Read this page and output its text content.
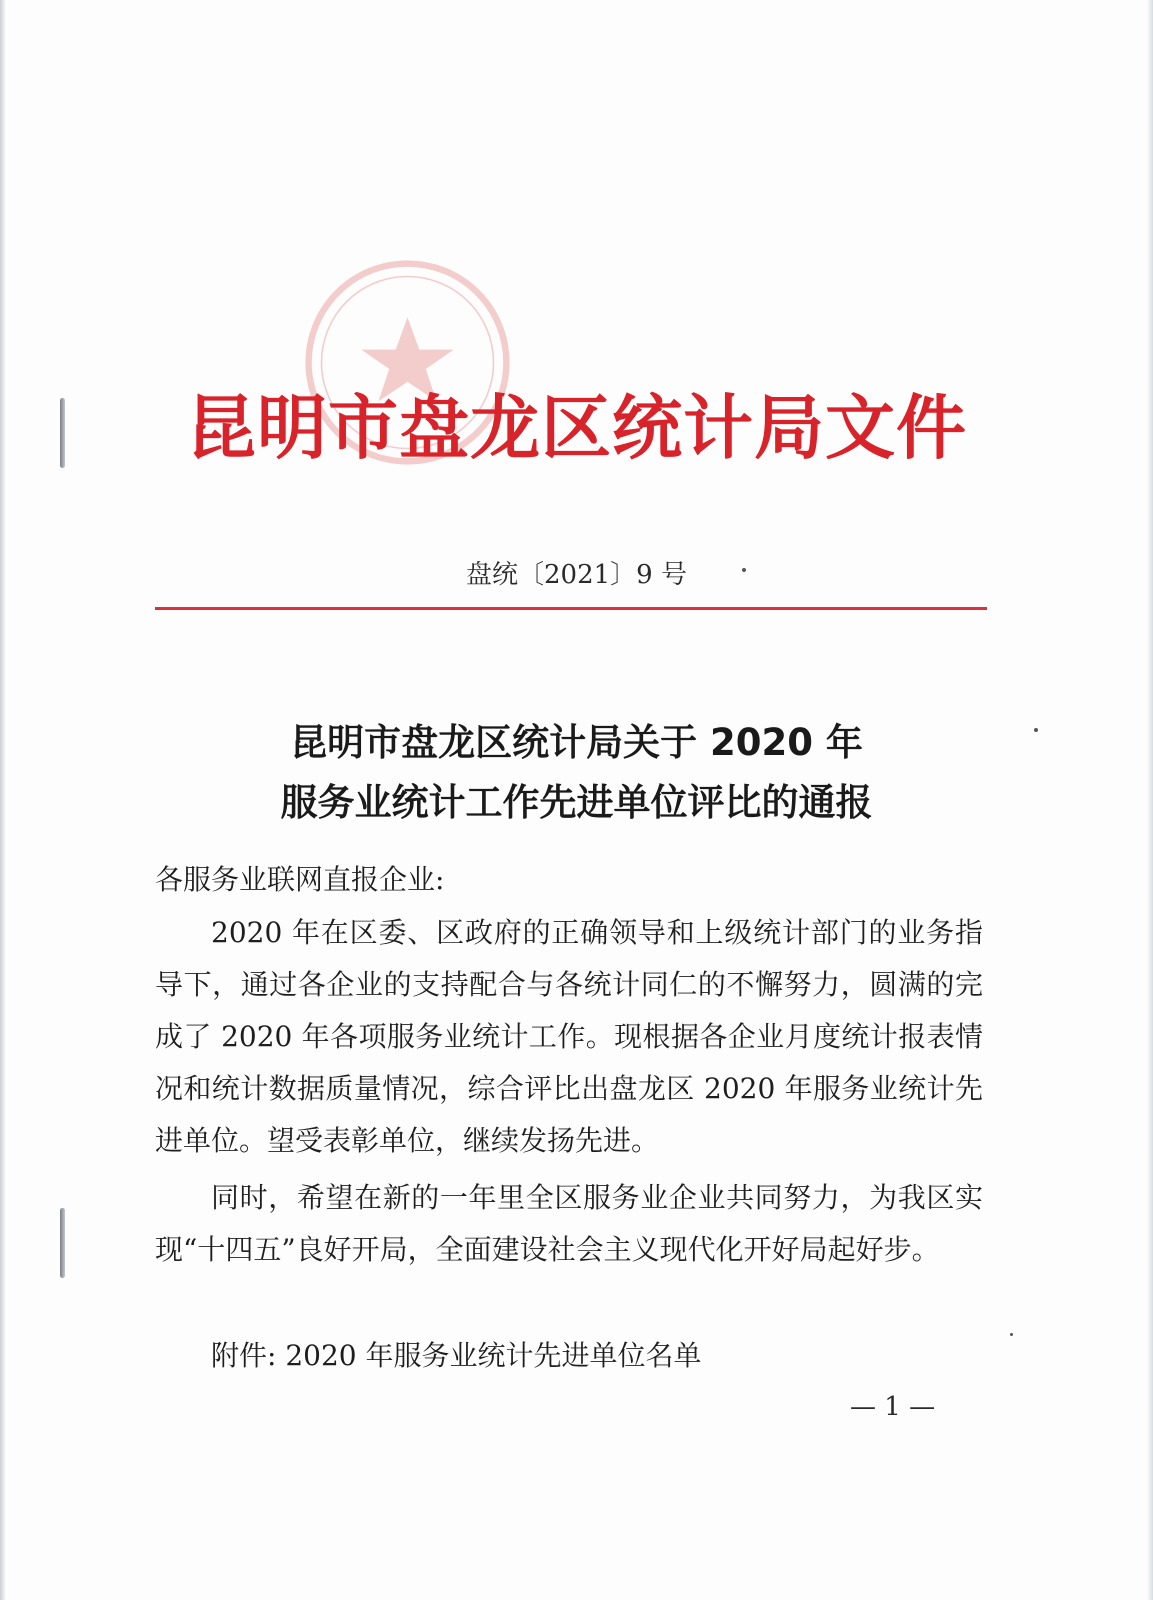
昆明市盘龙区统计局文件
盘统〔2021〕9 号
昆明市盘龙区统计局关于 2020 年
服务业统计工作先进单位评比的通报
各服务业联网直报企业:
2020 年在区委、区政府的正确领导和上级统计部门的业务指导下，通过各企业的支持配合与各统计同仁的不懈努力，圆满的完成了 2020 年各项服务业统计工作。现根据各企业月度统计报表情况和统计数据质量情况，综合评比出盘龙区 2020 年服务业统计先进单位。望受表彰单位，继续发扬先进。
同时，希望在新的一年里全区服务业企业共同努力，为我区实现“十四五”良好开局，全面建设社会主义现代化开好局起好步。
附件: 2020 年服务业统计先进单位名单
— 1 —
